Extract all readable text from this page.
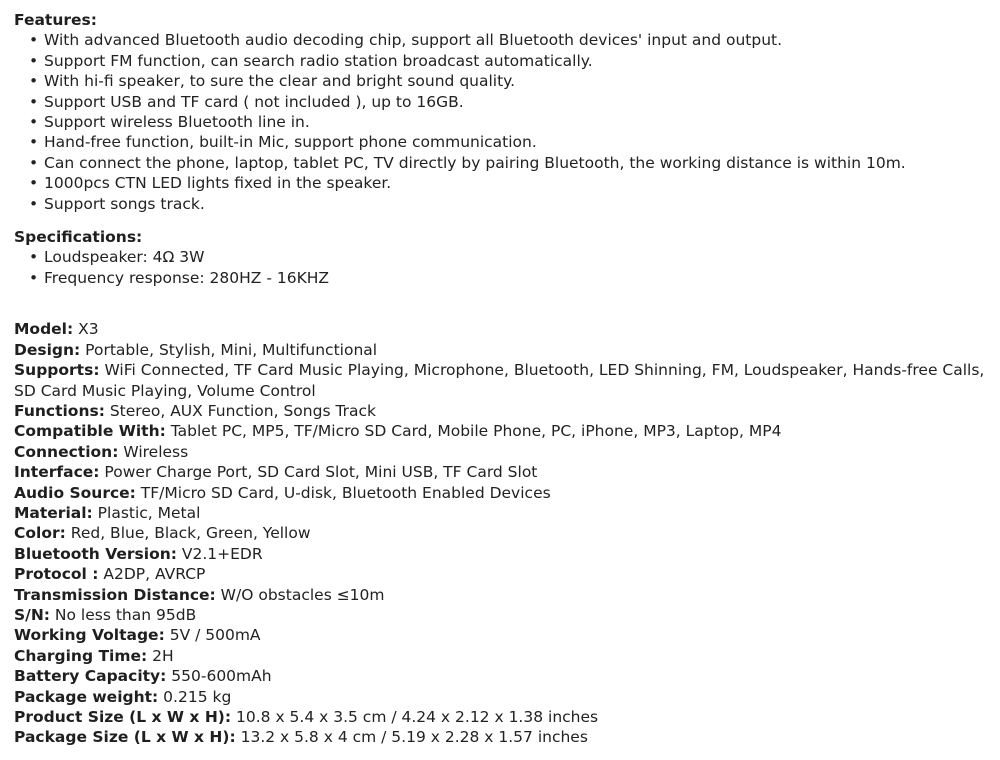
Features:

• With advanced Bluetooth audio decoding chip, support all Bluetooth devices' input and output.
• Support FM function, can search radio station broadcast automatically.
• With hi-fi speaker, to sure the clear and bright sound quality.
• Support USB and TF card ( not included ), up to 16GB.
• Support wireless Bluetooth line in.
• Hand-free function, built-in Mic, support phone communication.
• Can connect the phone, laptop, tablet PC, TV directly by pairing Bluetooth, the working distance is within 10m.
• 1000pcs CTN LED lights fixed in the speaker.
• Support songs track.

Specifications:

• Loudspeaker: 4Ω 3W
• Frequency response: 280HZ - 16KHZ

Model: X3

Design: Portable, Stylish, Mini, Multifunctional

Supports: WiFi Connected, TF Card Music Playing, Microphone, Bluetooth, LED Shinning, FM, Loudspeaker, Hands-free Calls, SD Card Music Playing, Volume Control

Functions: Stereo, AUX Function, Songs Track

Compatible With: Tablet PC, MP5, TF/Micro SD Card, Mobile Phone, PC, iPhone, MP3, Laptop, MP4

Connection: Wireless

Interface: Power Charge Port, SD Card Slot, Mini USB, TF Card Slot

Audio Source: TF/Micro SD Card, U-disk, Bluetooth Enabled Devices

Material: Plastic, Metal

Color: Red, Blue, Black, Green, Yellow

Bluetooth Version: V2.1+EDR

Protocol : A2DP, AVRCP

Transmission Distance: W/O obstacles ≤10m

S/N: No less than 95dB

Working Voltage: 5V / 500mA

Charging Time: 2H

Battery Capacity: 550-600mAh

Package weight: 0.215 kg

Product Size (L x W x H): 10.8 x 5.4 x 3.5 cm / 4.24 x 2.12 x 1.38 inches

Package Size (L x W x H): 13.2 x 5.8 x 4 cm / 5.19 x 2.28 x 1.57 inches
